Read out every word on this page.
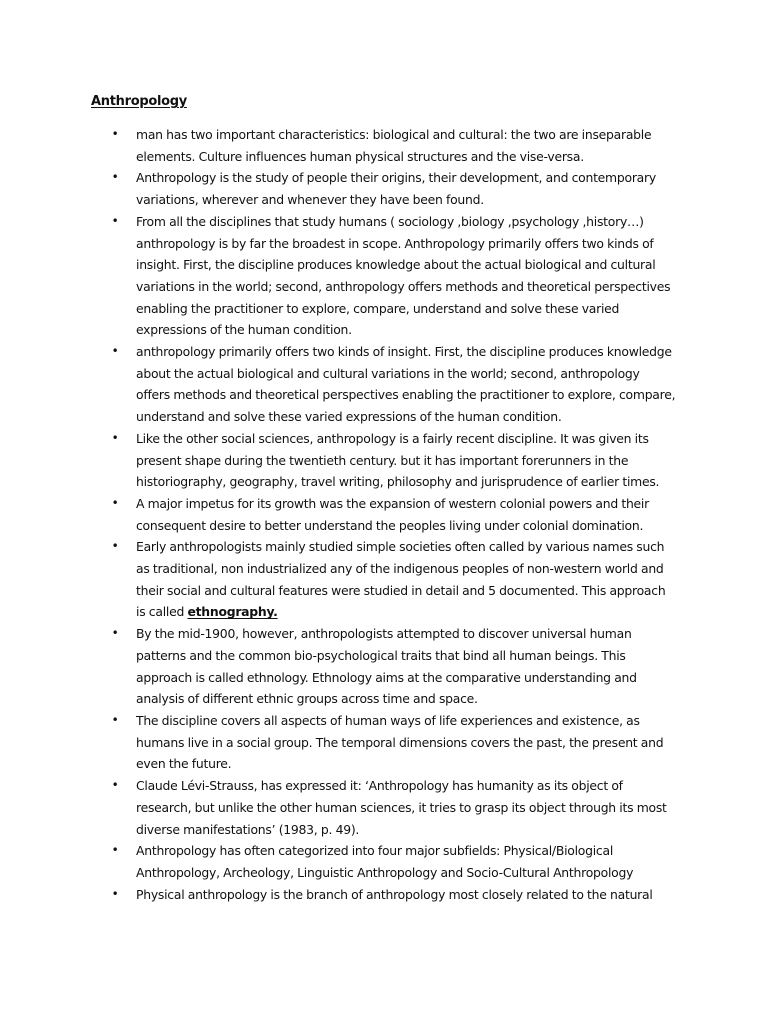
Anthropology
• man has two important characteristics: biological and cultural: the two are inseparable elements. Culture influences human physical structures and the vise-versa.
• Anthropology is the study of people their origins, their development, and contemporary variations, wherever and whenever they have been found.
• From all the disciplines that study humans ( sociology ,biology ,psychology ,history…) anthropology is by far the broadest in scope. Anthropology primarily offers two kinds of insight. First, the discipline produces knowledge about the actual biological and cultural variations in the world; second, anthropology offers methods and theoretical perspectives enabling the practitioner to explore, compare, understand and solve these varied expressions of the human condition.
• anthropology primarily offers two kinds of insight. First, the discipline produces knowledge about the actual biological and cultural variations in the world; second, anthropology offers methods and theoretical perspectives enabling the practitioner to explore, compare, understand and solve these varied expressions of the human condition.
• Like the other social sciences, anthropology is a fairly recent discipline. It was given its present shape during the twentieth century. but it has important forerunners in the historiography, geography, travel writing, philosophy and jurisprudence of earlier times.
• A major impetus for its growth was the expansion of western colonial powers and their consequent desire to better understand the peoples living under colonial domination.
• Early anthropologists mainly studied simple societies often called by various names such as traditional, non industrialized any of the indigenous peoples of non-western world and their social and cultural features were studied in detail and 5 documented. This approach is called ethnography.
• By the mid-1900, however, anthropologists attempted to discover universal human patterns and the common bio-psychological traits that bind all human beings. This approach is called ethnology. Ethnology aims at the comparative understanding and analysis of different ethnic groups across time and space.
• The discipline covers all aspects of human ways of life experiences and existence, as humans live in a social group. The temporal dimensions covers the past, the present and even the future.
• Claude Lévi-Strauss, has expressed it: ‘Anthropology has humanity as its object of research, but unlike the other human sciences, it tries to grasp its object through its most diverse manifestations’ (1983, p. 49).
• Anthropology has often categorized into four major subfields: Physical/Biological Anthropology, Archeology, Linguistic Anthropology and Socio-Cultural Anthropology
• Physical anthropology is the branch of anthropology most closely related to the natural
